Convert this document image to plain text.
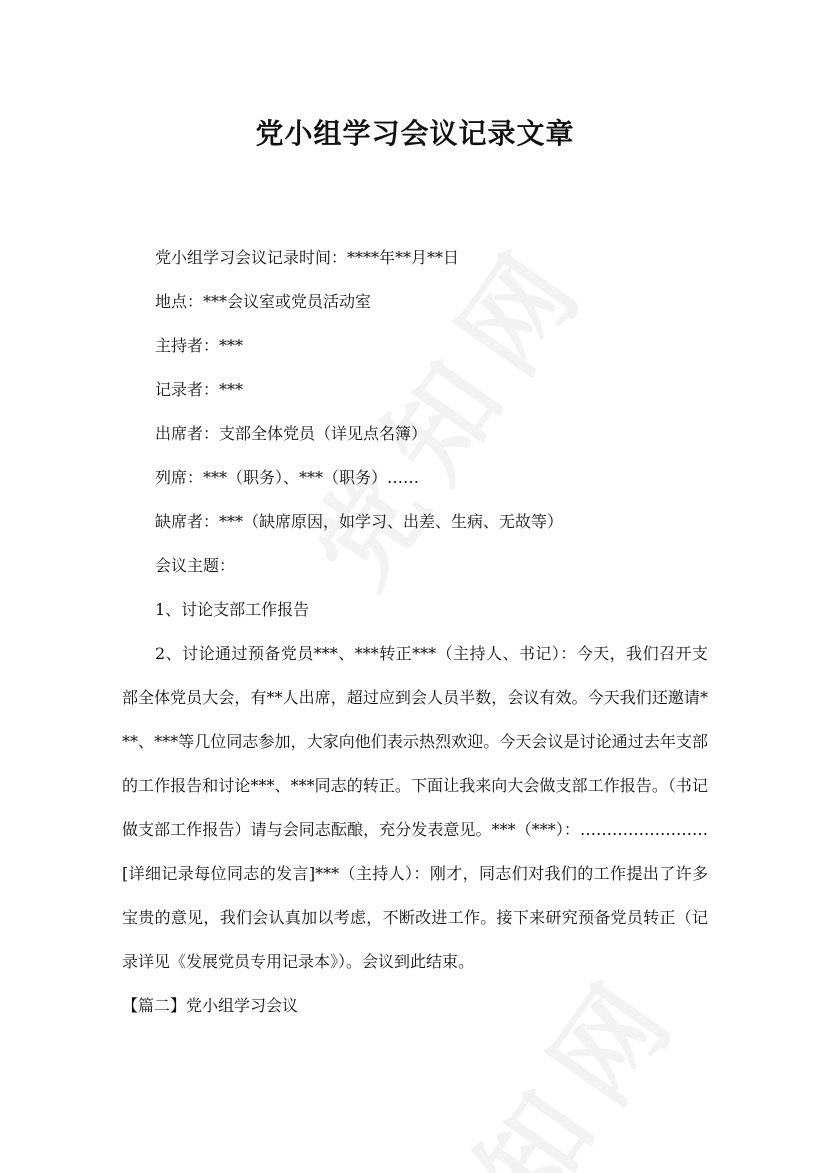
党小组学习会议记录文章

党小组学习会议记录时间：****年**月**日

地点：***会议室或党员活动室

主持者：***

记录者：***

出席者：支部全体党员（详见点名簿）

列席：***（职务）、***（职务）……

缺席者：***（缺席原因，如学习、出差、生病、无故等）

会议主题：

1、讨论支部工作报告

2、讨论通过预备党员***、***转正***（主持人、书记）：今天，我们召开支部全体党员大会，有**人出席，超过应到会人员半数，会议有效。今天我们还邀请***、***等几位同志参加，大家向他们表示热烈欢迎。今天会议是讨论通过去年支部的工作报告和讨论***、***同志的转正。下面让我来向大会做支部工作报告。（书记做支部工作报告）请与会同志酝酿，充分发表意见。***（***）：……………………[详细记录每位同志的发言]***（主持人）：刚才，同志们对我们的工作提出了许多宝贵的意见，我们会认真加以考虑，不断改进工作。接下来研究预备党员转正（记录详见《发展党员专用记录本》）。会议到此结束。

【篇二】党小组学习会议
